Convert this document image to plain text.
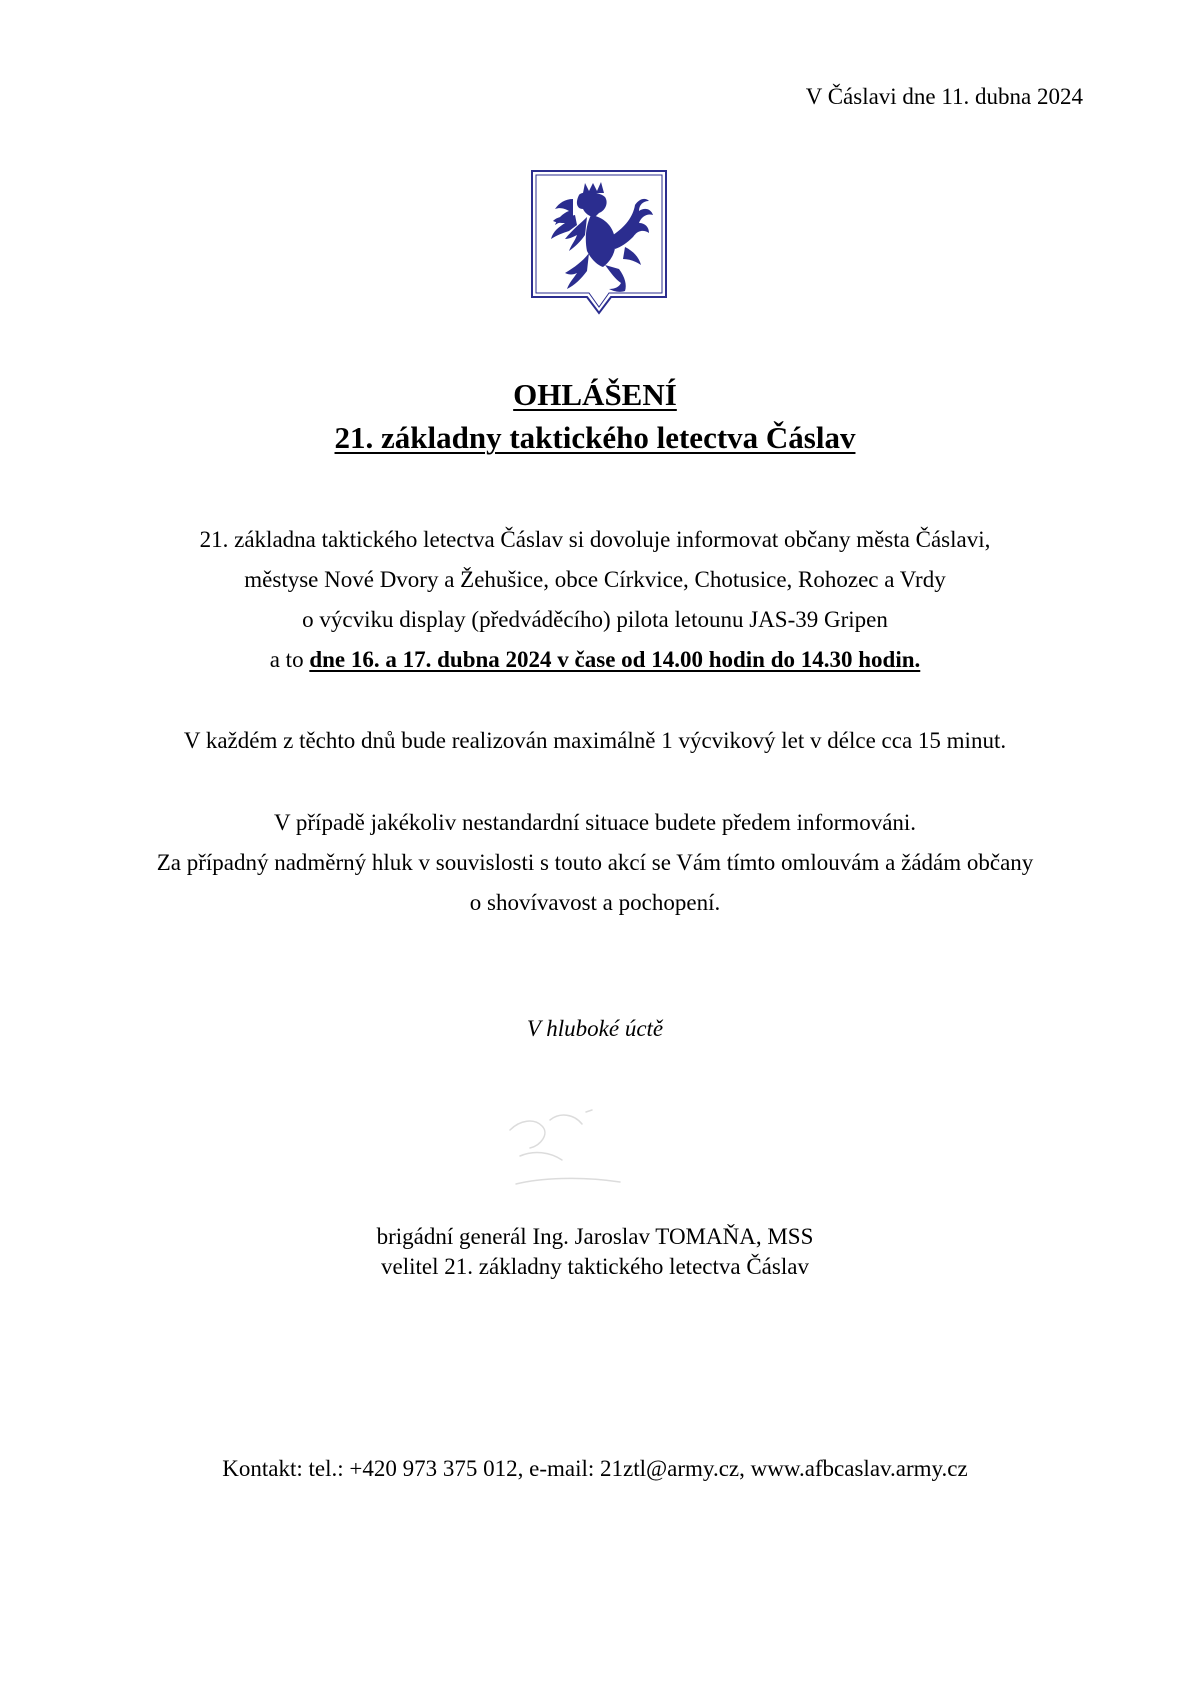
V Čáslavi dne 11. dubna 2024
OHLÁŠENÍ
21. základny taktického letectva Čáslav
21. základna taktického letectva Čáslav si dovoluje informovat občany města Čáslavi,
městyse Nové Dvory a Žehušice, obce Církvice, Chotusice, Rohozec a Vrdy
o výcviku display (předváděcího) pilota letounu JAS-39 Gripen
a to dne 16. a 17. dubna 2024 v čase od 14.00 hodin do 14.30 hodin.
V každém z těchto dnů bude realizován maximálně 1 výcvikový let v délce cca 15 minut.
V případě jakékoliv nestandardní situace budete předem informováni.
Za případný nadměrný hluk v souvislosti s touto akcí se Vám tímto omlouvám a žádám občany
o shovívavost a pochopení.
V hluboké úctě
brigádní generál Ing. Jaroslav TOMAŇA, MSS
velitel 21. základny taktického letectva Čáslav
Kontakt: tel.: +420 973 375 012, e-mail: 21ztl@army.cz, www.afbcaslav.army.cz
